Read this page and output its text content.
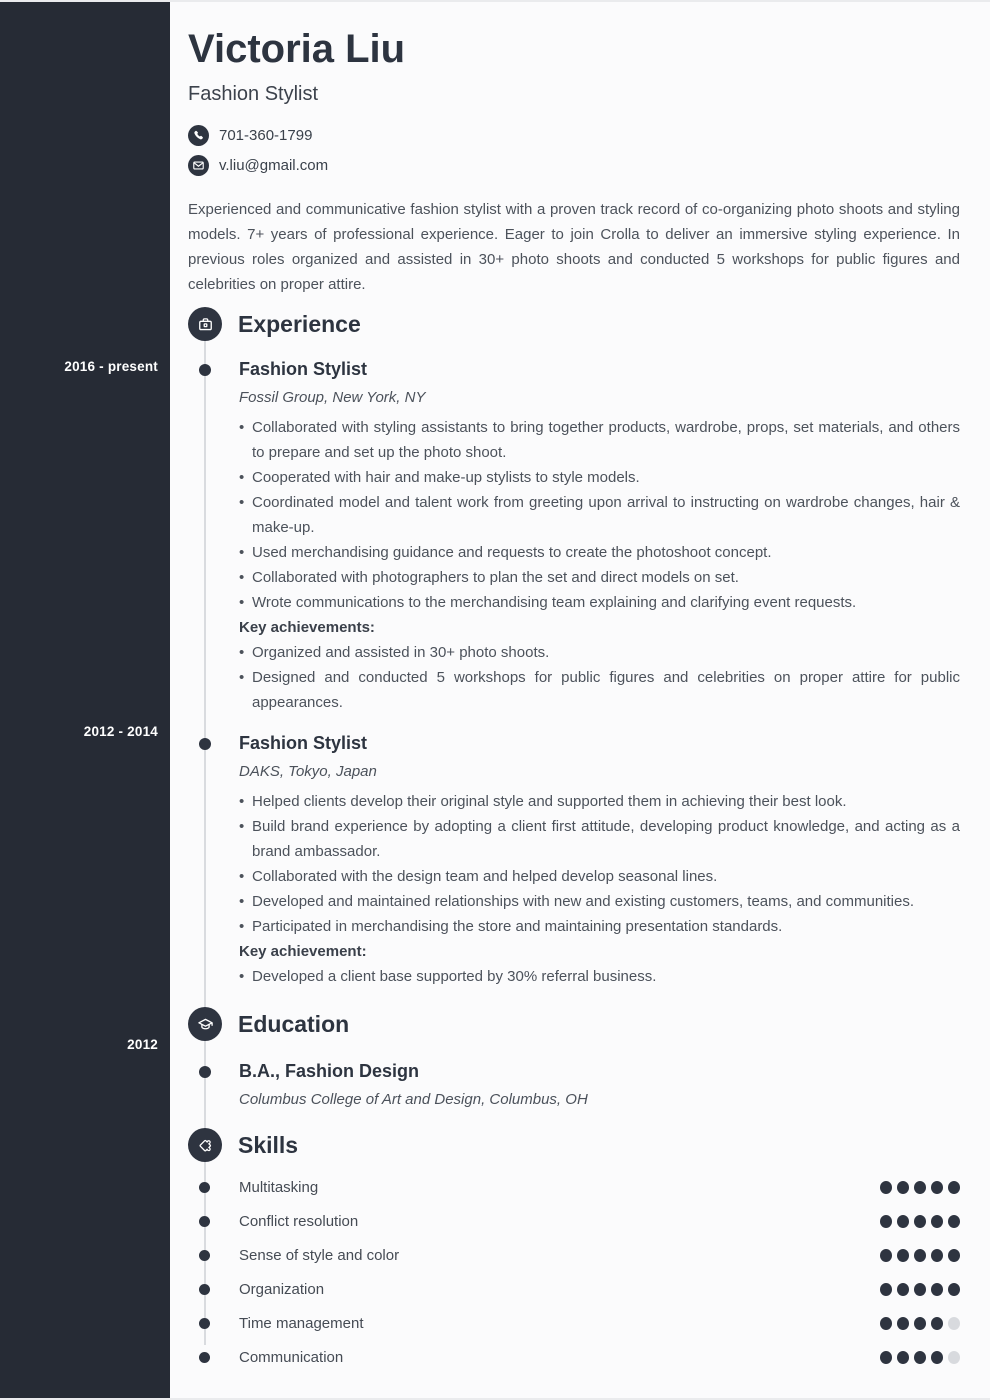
2016 - present
2012 - 2014
2012
Victoria Liu
Fashion Stylist
701-360-1799
v.liu@gmail.com
Experienced and communicative fashion stylist with a proven track record of co-organizing photo shoots and styling models. 7+ years of professional experience. Eager to join Crolla to deliver an immersive styling experience. In previous roles organized and assisted in 30+ photo shoots and conducted 5 workshops for public figures and celebrities on proper attire.
Experience
Fashion Stylist
Fossil Group, New York, NY
• Collaborated with styling assistants to bring together products, wardrobe, props, set materials, and others to prepare and set up the photo shoot.
• Cooperated with hair and make-up stylists to style models.
• Coordinated model and talent work from greeting upon arrival to instructing on wardrobe changes, hair & make-up.
• Used merchandising guidance and requests to create the photoshoot concept.
• Collaborated with photographers to plan the set and direct models on set.
• Wrote communications to the merchandising team explaining and clarifying event requests.
Key achievements:
• Organized and assisted in 30+ photo shoots.
• Designed and conducted 5 workshops for public figures and celebrities on proper attire for public appearances.
Fashion Stylist
DAKS, Tokyo, Japan
• Helped clients develop their original style and supported them in achieving their best look.
• Build brand experience by adopting a client first attitude, developing product knowledge, and acting as a brand ambassador.
• Collaborated with the design team and helped develop seasonal lines.
• Developed and maintained relationships with new and existing customers, teams, and communities.
• Participated in merchandising the store and maintaining presentation standards.
Key achievement:
• Developed a client base supported by 30% referral business.
Education
B.A., Fashion Design
Columbus College of Art and Design, Columbus, OH
Skills
Multitasking
Conflict resolution
Sense of style and color
Organization
Time management
Communication
